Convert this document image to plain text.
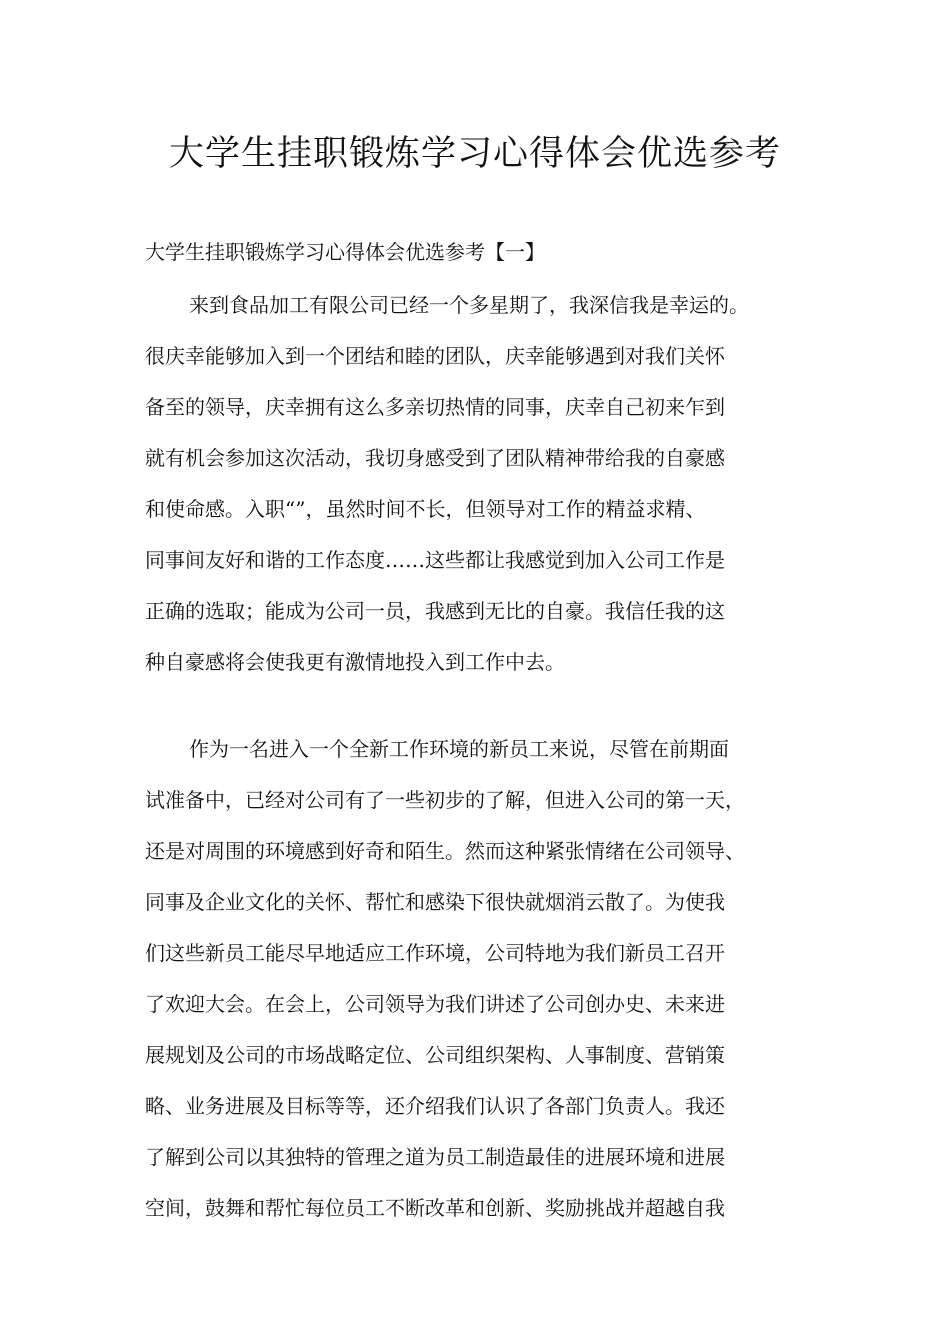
大学生挂职锻炼学习心得体会优选参考

大学生挂职锻炼学习心得体会优选参考【一】

来到食品加工有限公司已经一个多星期了，我深信我是幸运的。
很庆幸能够加入到一个团结和睦的团队，庆幸能够遇到对我们关怀
备至的领导，庆幸拥有这么多亲切热情的同事，庆幸自己初来乍到
就有机会参加这次活动，我切身感受到了团队精神带给我的自豪感
和使命感。入职“”，虽然时间不长，但领导对工作的精益求精、
同事间友好和谐的工作态度……这些都让我感觉到加入公司工作是
正确的选取；能成为公司一员，我感到无比的自豪。我信任我的这
种自豪感将会使我更有激情地投入到工作中去。
作为一名进入一个全新工作环境的新员工来说，尽管在前期面
试准备中，已经对公司有了一些初步的了解，但进入公司的第一天，
还是对周围的环境感到好奇和陌生。然而这种紧张情绪在公司领导、
同事及企业文化的关怀、帮忙和感染下很快就烟消云散了。为使我
们这些新员工能尽早地适应工作环境，公司特地为我们新员工召开
了欢迎大会。在会上，公司领导为我们讲述了公司创办史、未来进
展规划及公司的市场战略定位、公司组织架构、人事制度、营销策
略、业务进展及目标等等，还介绍我们认识了各部门负责人。我还
了解到公司以其独特的管理之道为员工制造最佳的进展环境和进展
空间，鼓舞和帮忙每位员工不断改革和创新、奖励挑战并超越自我
